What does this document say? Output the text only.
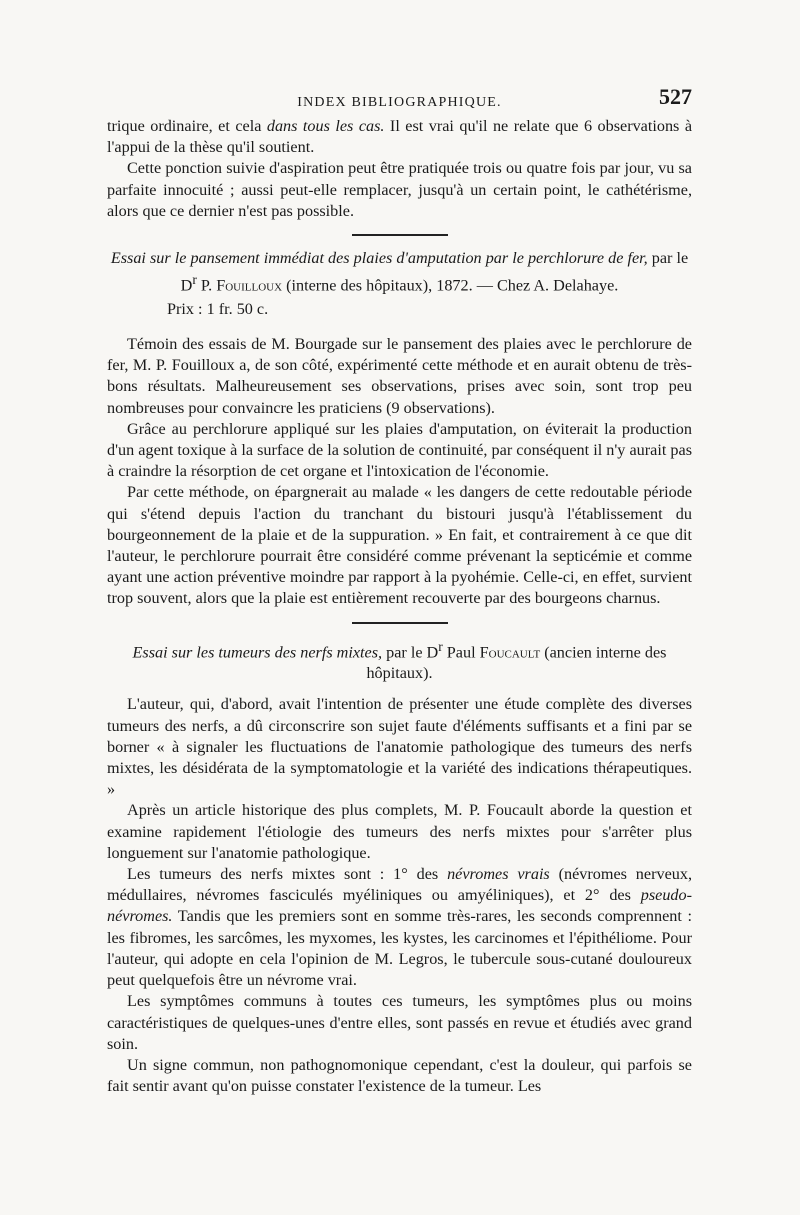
INDEX BIBLIOGRAPHIQUE.	527

trique ordinaire, et cela dans tous les cas. Il est vrai qu'il ne relate que 6 observations à l'appui de la thèse qu'il soutient.

Cette ponction suivie d'aspiration peut être pratiquée trois ou quatre fois par jour, vu sa parfaite innocuité ; aussi peut-elle remplacer, jusqu'à un certain point, le cathétérisme, alors que ce dernier n'est pas possible.

Essai sur le pansement immédiat des plaies d'amputation par le perchlorure de fer, par le $D^r$ P. Fouilloux (interne des hôpitaux), 1872. — Chez A. Delahaye.

Prix : 1 fr. 50 c.

Témoin des essais de M. Bourgade sur le pansement des plaies avec le perchlorure de fer, M. P. Fouilloux a, de son côté, expérimenté cette méthode et en aurait obtenu de très-bons résultats. Malheureusement ses observations, prises avec soin, sont trop peu nombreuses pour convaincre les praticiens (9 observations).

Grâce au perchlorure appliqué sur les plaies d'amputation, on éviterait la production d'un agent toxique à la surface de la solution de continuité, par conséquent il n'y aurait pas à craindre la résorption de cet organe et l'intoxication de l'économie.

Par cette méthode, on épargnerait au malade « les dangers de cette redoutable période qui s'étend depuis l'action du tranchant du bistouri jusqu'à l'établissement du bourgeonnement de la plaie et de la suppuration. » En fait, et contrairement à ce que dit l'auteur, le perchlorure pourrait être considéré comme prévenant la septicémie et comme ayant une action préventive moindre par rapport à la pyohémie. Celle-ci, en effet, survient trop souvent, alors que la plaie est entièrement recouverte par des bourgeons charnus.

Essai sur les tumeurs des nerfs mixtes, par le $D^r$ Paul Foucault (ancien interne des hôpitaux).

L'auteur, qui, d'abord, avait l'intention de présenter une étude complète des diverses tumeurs des nerfs, a dû circonscrire son sujet faute d'éléments suffisants et a fini par se borner « à signaler les fluctuations de l'anatomie pathologique des tumeurs des nerfs mixtes, les désidérata de la symptomatologie et la variété des indications thérapeutiques. »

Après un article historique des plus complets, M. P. Foucault aborde la question et examine rapidement l'étiologie des tumeurs des nerfs mixtes pour s'arrêter plus longuement sur l'anatomie pathologique.

Les tumeurs des nerfs mixtes sont : 1° des névromes vrais (névromes nerveux, médullaires, névromes fasciculés myéliniques ou amyéliniques), et 2° des pseudo-névromes. Tandis que les premiers sont en somme très-rares, les seconds comprennent : les fibromes, les sarcômes, les myxomes, les kystes, les carcinomes et l'épithéliome. Pour l'auteur, qui adopte en cela l'opinion de M. Legros, le tubercule sous-cutané douloureux peut quelquefois être un névrome vrai.

Les symptômes communs à toutes ces tumeurs, les symptômes plus ou moins caractéristiques de quelques-unes d'entre elles, sont passés en revue et étudiés avec grand soin.

Un signe commun, non pathognomonique cependant, c'est la douleur, qui parfois se fait sentir avant qu'on puisse constater l'existence de la tumeur. Les
